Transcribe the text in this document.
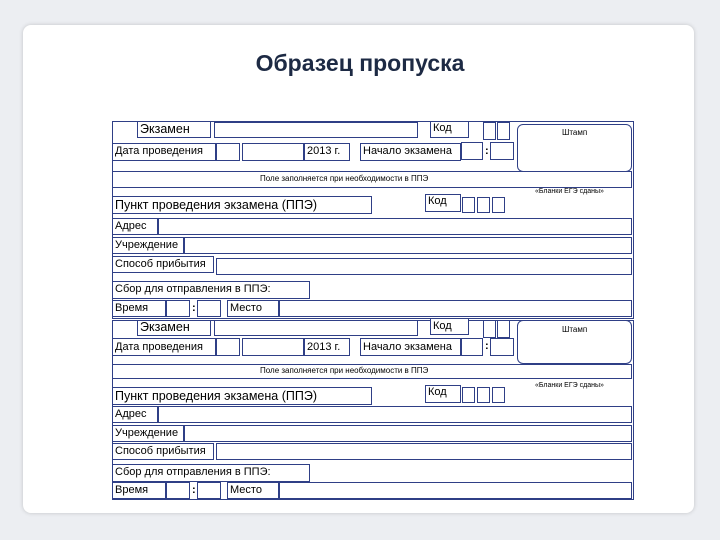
Образец пропуска
Экзамен	Код	Штамп
Дата проведения	2013 г. Начало экзамена	:
Поле заполняется при необходимости в ППЭ
«Бланки ЕГЭ сданы»
Пункт проведения экзамена (ППЭ)	Код
Адрес
Учреждение
Способ прибытия
Сбор для отправления в ППЭ:
Время	:	Место
Экзамен	Код	Штамп
Дата проведения	2013 г. Начало экзамена	:
Поле заполняется при необходимости в ППЭ
«Бланки ЕГЭ сданы»
Пункт проведения экзамена (ППЭ)	Код
Адрес
Учреждение
Способ прибытия
Сбор для отправления в ППЭ:
Время	:	Место
